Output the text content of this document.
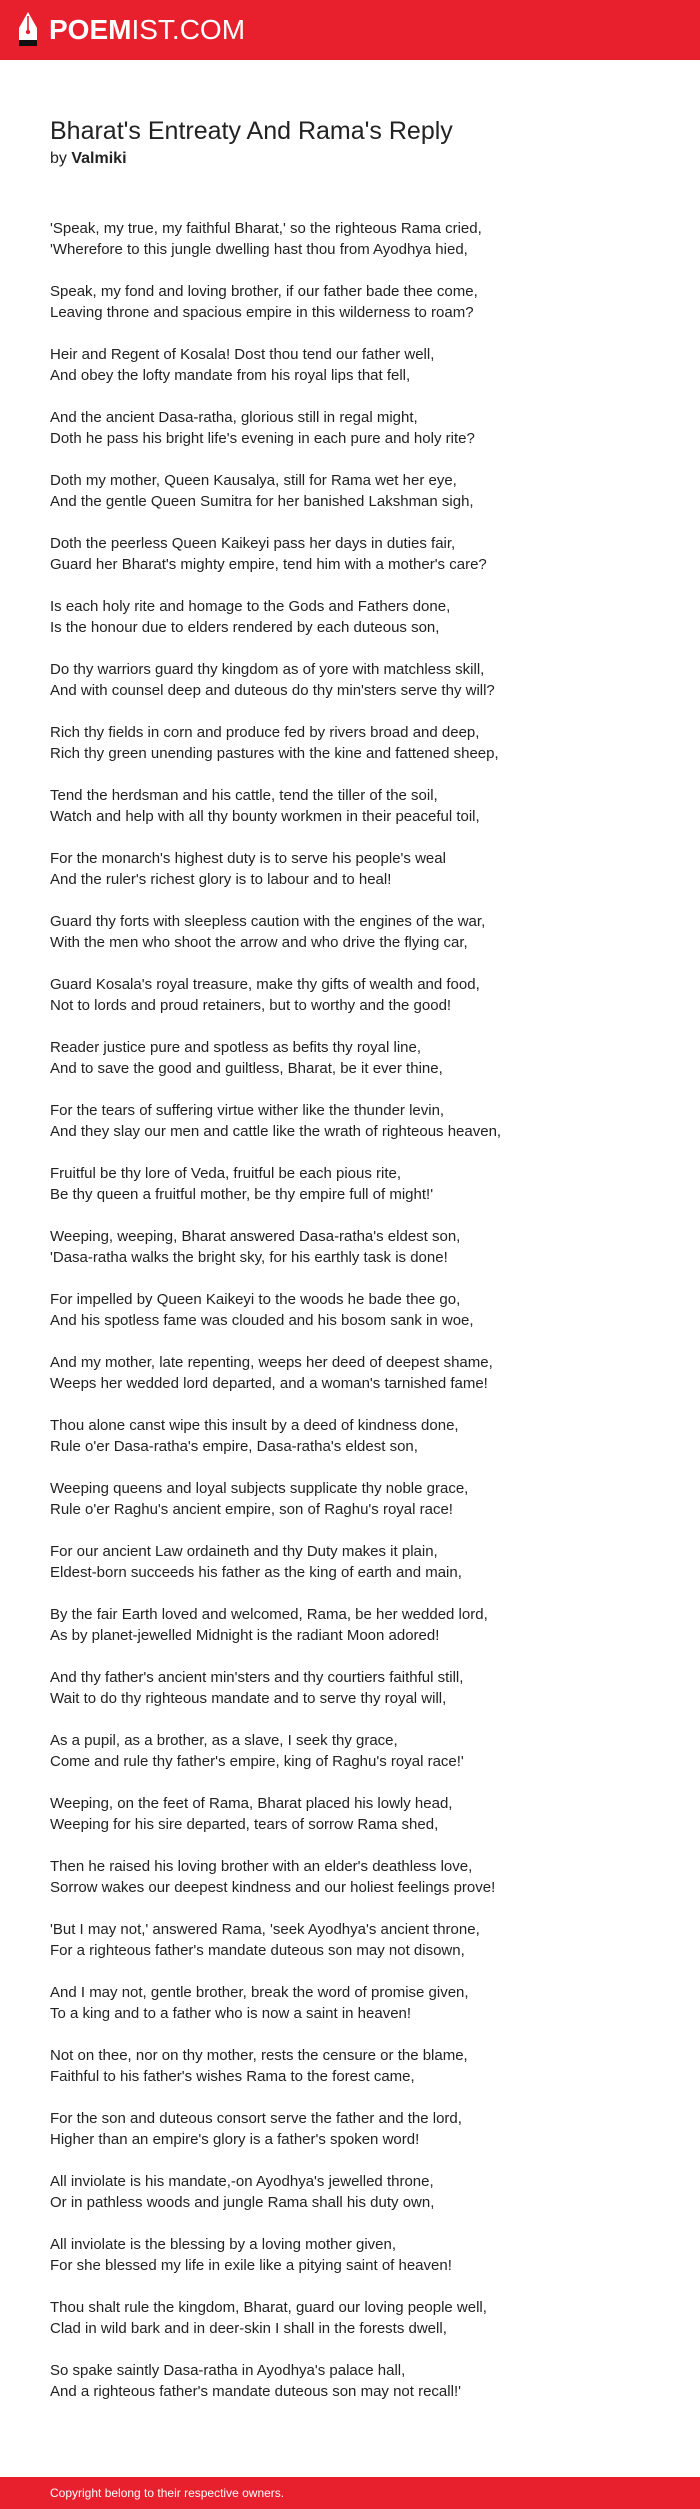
POEMIST.COM
Bharat's Entreaty And Rama's Reply
by Valmiki
'Speak, my true, my faithful Bharat,' so the righteous Rama cried,
'Wherefore to this jungle dwelling hast thou from Ayodhya hied,
Speak, my fond and loving brother, if our father bade thee come,
Leaving throne and spacious empire in this wilderness to roam?
Heir and Regent of Kosala! Dost thou tend our father well,
And obey the lofty mandate from his royal lips that fell,
And the ancient Dasa-ratha, glorious still in regal might,
Doth he pass his bright life's evening in each pure and holy rite?
Doth my mother, Queen Kausalya, still for Rama wet her eye,
And the gentle Queen Sumitra for her banished Lakshman sigh,
Doth the peerless Queen Kaikeyi pass her days in duties fair,
Guard her Bharat's mighty empire, tend him with a mother's care?
Is each holy rite and homage to the Gods and Fathers done,
Is the honour due to elders rendered by each duteous son,
Do thy warriors guard thy kingdom as of yore with matchless skill,
And with counsel deep and duteous do thy min'sters serve thy will?
Rich thy fields in corn and produce fed by rivers broad and deep,
Rich thy green unending pastures with the kine and fattened sheep,
Tend the herdsman and his cattle, tend the tiller of the soil,
Watch and help with all thy bounty workmen in their peaceful toil,
For the monarch's highest duty is to serve his people's weal
And the ruler's richest glory is to labour and to heal!
Guard thy forts with sleepless caution with the engines of the war,
With the men who shoot the arrow and who drive the flying car,
Guard Kosala's royal treasure, make thy gifts of wealth and food,
Not to lords and proud retainers, but to worthy and the good!
Reader justice pure and spotless as befits thy royal line,
And to save the good and guiltless, Bharat, be it ever thine,
For the tears of suffering virtue wither like the thunder levin,
And they slay our men and cattle like the wrath of righteous heaven,
Fruitful be thy lore of Veda, fruitful be each pious rite,
Be thy queen a fruitful mother, be thy empire full of might!'
Weeping, weeping, Bharat answered Dasa-ratha's eldest son,
'Dasa-ratha walks the bright sky, for his earthly task is done!
For impelled by Queen Kaikeyi to the woods he bade thee go,
And his spotless fame was clouded and his bosom sank in woe,
And my mother, late repenting, weeps her deed of deepest shame,
Weeps her wedded lord departed, and a woman's tarnished fame!
Thou alone canst wipe this insult by a deed of kindness done,
Rule o'er Dasa-ratha's empire, Dasa-ratha's eldest son,
Weeping queens and loyal subjects supplicate thy noble grace,
Rule o'er Raghu's ancient empire, son of Raghu's royal race!
For our ancient Law ordaineth and thy Duty makes it plain,
Eldest-born succeeds his father as the king of earth and main,
By the fair Earth loved and welcomed, Rama, be her wedded lord,
As by planet-jewelled Midnight is the radiant Moon adored!
And thy father's ancient min'sters and thy courtiers faithful still,
Wait to do thy righteous mandate and to serve thy royal will,
As a pupil, as a brother, as a slave, I seek thy grace,
Come and rule thy father's empire, king of Raghu's royal race!'
Weeping, on the feet of Rama, Bharat placed his lowly head,
Weeping for his sire departed, tears of sorrow Rama shed,
Then he raised his loving brother with an elder's deathless love,
Sorrow wakes our deepest kindness and our holiest feelings prove!
'But I may not,' answered Rama, 'seek Ayodhya's ancient throne,
For a righteous father's mandate duteous son may not disown,
And I may not, gentle brother, break the word of promise given,
To a king and to a father who is now a saint in heaven!
Not on thee, nor on thy mother, rests the censure or the blame,
Faithful to his father's wishes Rama to the forest came,
For the son and duteous consort serve the father and the lord,
Higher than an empire's glory is a father's spoken word!
All inviolate is his mandate,-on Ayodhya's jewelled throne,
Or in pathless woods and jungle Rama shall his duty own,
All inviolate is the blessing by a loving mother given,
For she blessed my life in exile like a pitying saint of heaven!
Thou shalt rule the kingdom, Bharat, guard our loving people well,
Clad in wild bark and in deer-skin I shall in the forests dwell,
So spake saintly Dasa-ratha in Ayodhya's palace hall,
And a righteous father's mandate duteous son may not recall!'
Copyright belong to their respective owners.
